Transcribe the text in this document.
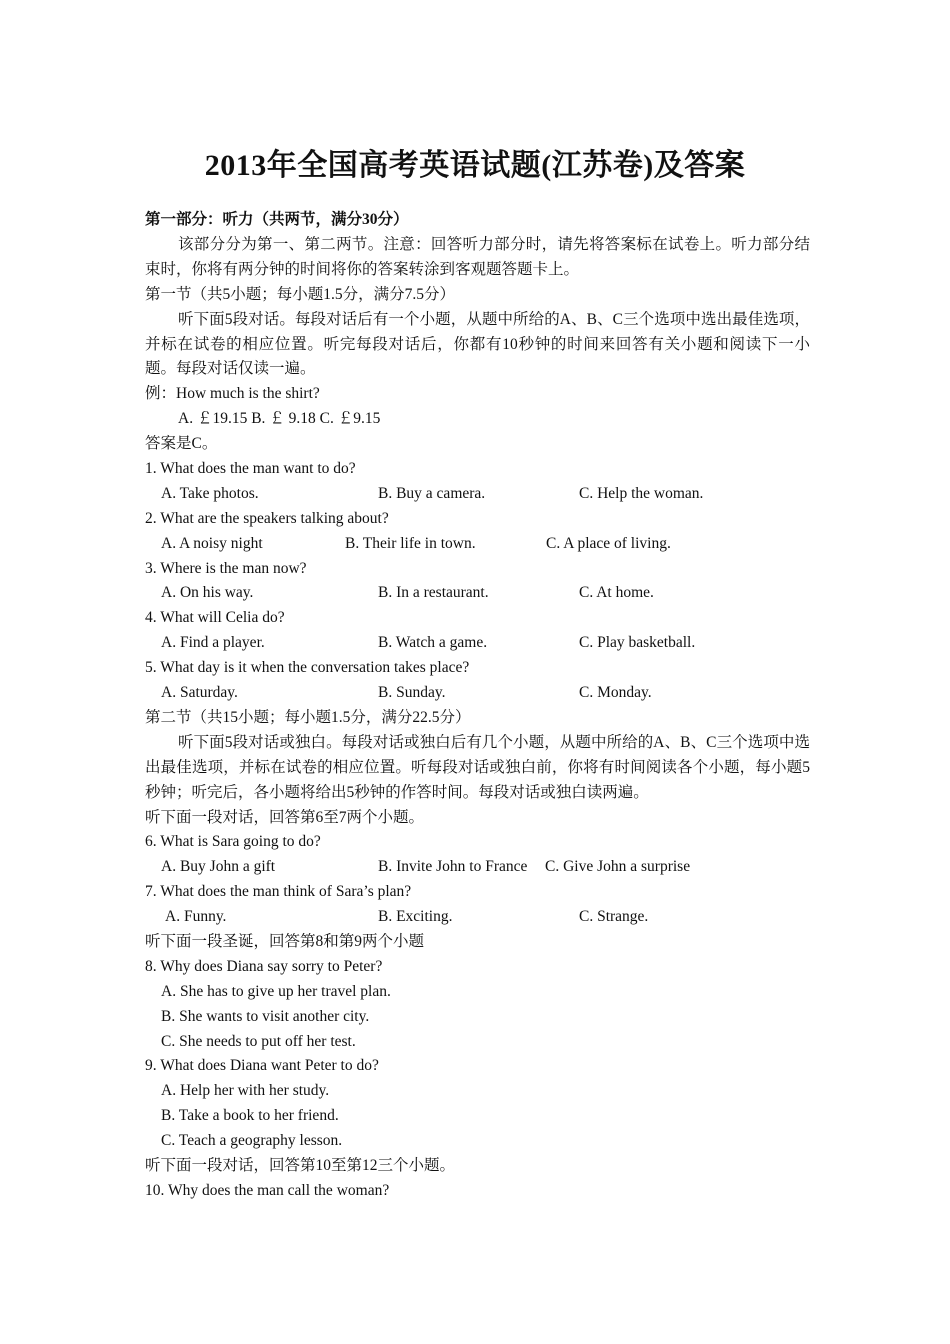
2013年全国高考英语试题(江苏卷)及答案
第一部分：听力（共两节，满分30分）
该部分分为第一、第二两节。注意：回答听力部分时，请先将答案标在试卷上。听力部分结束时，你将有两分钟的时间将你的答案转涂到客观题答题卡上。
第一节（共5小题；每小题1.5分，满分7.5分）
听下面5段对话。每段对话后有一个小题，从题中所给的A、B、C三个选项中选出最佳选项，并标在试卷的相应位置。听完每段对话后，你都有10秒钟的时间来回答有关小题和阅读下一小题。每段对话仅读一遍。
例：How much is the shirt?
A. ￡19.15 B. ￡ 9.18 C. ￡9.15
答案是C。
1. What does the man want to do?
A. Take photos.	B. Buy a camera.	C. Help the woman.
2. What are the speakers talking about?
A. A noisy night	B. Their life in town.	C. A place of living.
3. Where is the man now?
A. On his way.	B. In a restaurant.	C. At home.
4. What will Celia do?
A. Find a player.	B. Watch a game.	C. Play basketball.
5. What day is it when the conversation takes place?
A. Saturday.	B. Sunday.	C. Monday.
第二节（共15小题；每小题1.5分，满分22.5分）
听下面5段对话或独白。每段对话或独白后有几个小题，从题中所给的A、B、C三个选项中选出最佳选项，并标在试卷的相应位置。听每段对话或独白前，你将有时间阅读各个小题，每小题5秒钟；听完后，各小题将给出5秒钟的作答时间。每段对话或独白读两遍。
听下面一段对话，回答第6至7两个小题。
6. What is Sara going to do?
A. Buy John a gift	B. Invite John to France C. Give John a surprise
7. What does the man think of Sara’s plan?
A. Funny.	B. Exciting.	C. Strange.
听下面一段圣诞，回答第8和第9两个小题
8. Why does Diana say sorry to Peter?
A. She has to give up her travel plan.
B. She wants to visit another city.
C. She needs to put off her test.
9. What does Diana want Peter to do?
A. Help her with her study.
B. Take a book to her friend.
C. Teach a geography lesson.
听下面一段对话，回答第10至第12三个小题。
10. Why does the man call the woman?
